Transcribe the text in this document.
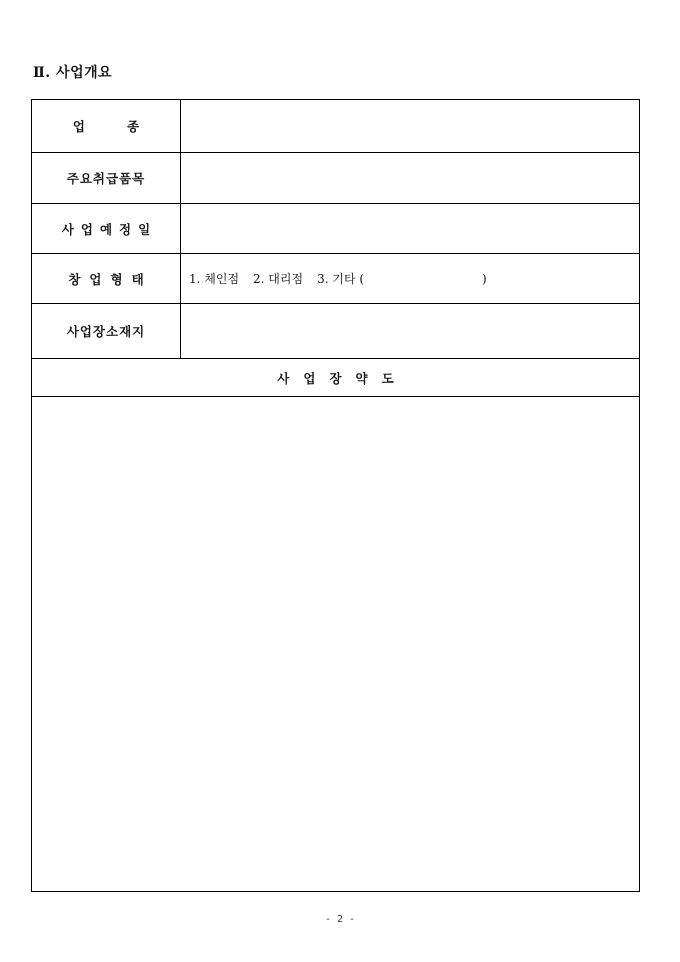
Ⅱ. 사업개요
업종
주요취급품목
사업예정일
창업형태	1. 체인점 2. 대리점 3. 기타 (	)
사업장소재지
사업장약도
- 2 -
